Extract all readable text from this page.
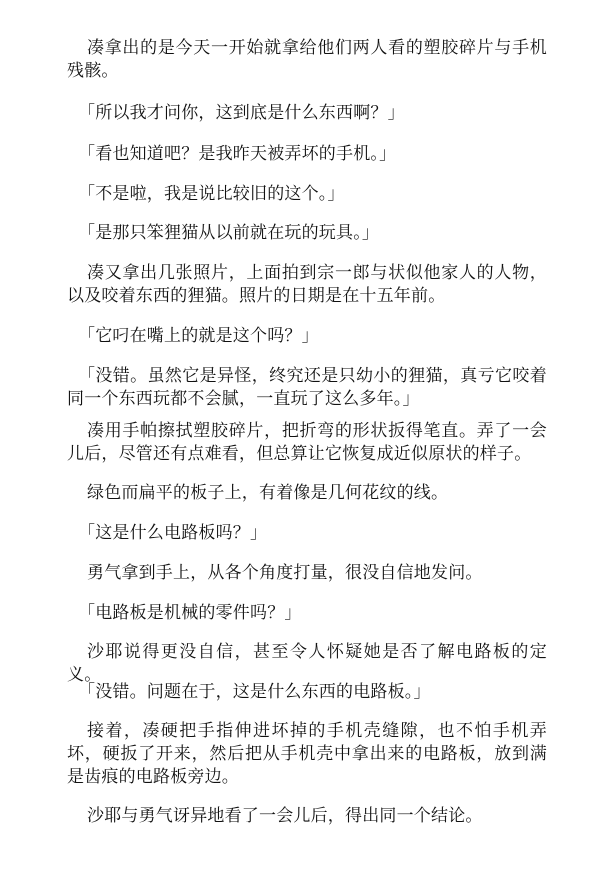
凑拿出的是今天一开始就拿给他们两人看的塑胶碎片与手机残骸。

「所以我才问你，这到底是什么东西啊？」

「看也知道吧？是我昨天被弄坏的手机。」

「不是啦，我是说比较旧的这个。」

「是那只笨狸猫从以前就在玩的玩具。」

凑又拿出几张照片，上面拍到宗一郎与状似他家人的人物，以及咬着东西的狸猫。照片的日期是在十五年前。

「它叼在嘴上的就是这个吗？」

「没错。虽然它是异怪，终究还是只幼小的狸猫，真亏它咬着同一个东西玩都不会腻，一直玩了这么多年。」

凑用手帕擦拭塑胶碎片，把折弯的形状扳得笔直。弄了一会儿后，尽管还有点难看，但总算让它恢复成近似原状的样子。

绿色而扁平的板子上，有着像是几何花纹的线。

「这是什么电路板吗？」

勇气拿到手上，从各个角度打量，很没自信地发问。

「电路板是机械的零件吗？」

沙耶说得更没自信，甚至令人怀疑她是否了解电路板的定义。

「没错。问题在于，这是什么东西的电路板。」

接着，凑硬把手指伸进坏掉的手机壳缝隙，也不怕手机弄坏，硬扳了开来，然后把从手机壳中拿出来的电路板，放到满是齿痕的电路板旁边。

沙耶与勇气讶异地看了一会儿后，得出同一个结论。
